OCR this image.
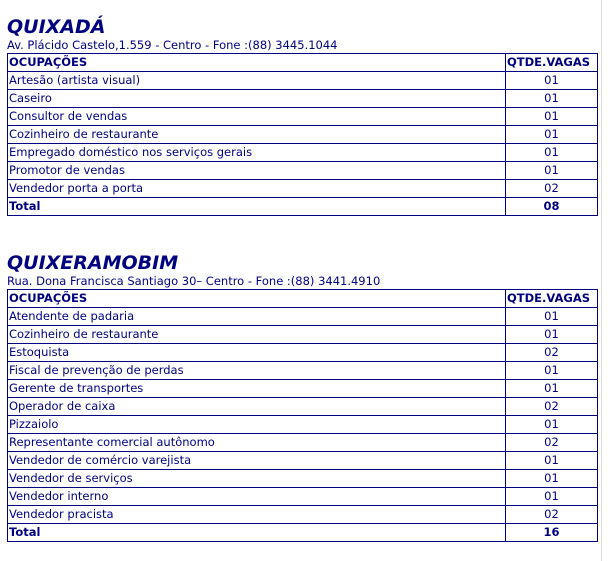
QUIXADÁ
Av. Plácido Castelo,1.559 - Centro - Fone :(88) 3445.1044
OCUPAÇÕES	QTDE.VAGAS
Artesão (artista visual)	01
Caseiro	01
Consultor de vendas	01
Cozinheiro de restaurante	01
Empregado doméstico nos serviços gerais	01
Promotor de vendas	01
Vendedor porta a porta	02
Total	08
QUIXERAMOBIM
Rua. Dona Francisca Santiago 30– Centro - Fone :(88) 3441.4910
OCUPAÇÕES	QTDE.VAGAS
Atendente de padaria	01
Cozinheiro de restaurante	01
Estoquista	02
Fiscal de prevenção de perdas	01
Gerente de transportes	01
Operador de caixa	02
Pizzaiolo	01
Representante comercial autônomo	02
Vendedor de comércio varejista	01
Vendedor de serviços	01
Vendedor interno	01
Vendedor pracista	02
Total	16
